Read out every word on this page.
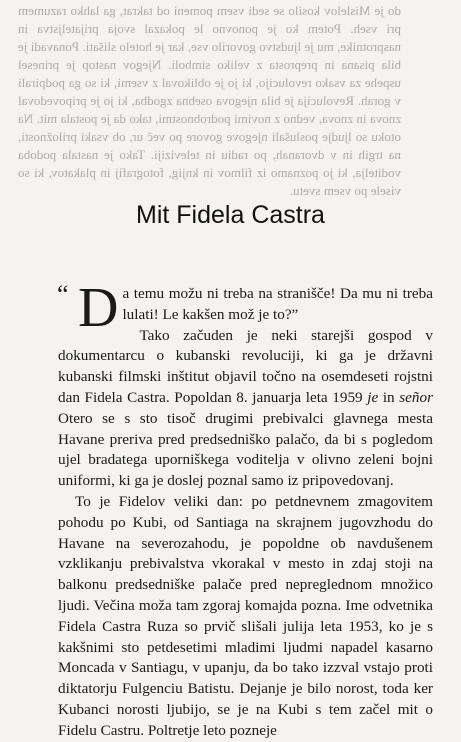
do je Mislelov kosilo se sedi vsem pomeni od takrat, ga lahko razumem pri vseh. Potem ko je ponovno le pokazal svoja prijateljstva in nasprotnike, mu je ljudstvo govorilo vse, kar je hotelo slišati. Ponavadi je bila pisana in preprosta z veliko simboli. Njegov nastop je prinesel uspehe za vsako revolucijo, ki jo je oblikoval z vsemi, ki so ga podpirali v gorah. Revolucija je bila njegova osebna zgodba, ki jo je pripovedoval znova in znova, vedno z novimi podrobnostmi, tako da je postala mit. Na otoku so ljudje poslušali njegove govore po več ur, ob vsaki priložnosti, na trgih in v dvoranah, po radiu in televiziji. Tako je nastala podoba voditelja, ki jo poznamo iz filmov in knjig, fotografij in plakatov, ki so visele po vsem svetu.

Mit Fidela Castra

“ D a temu možu ni treba na stranišče! Da mu ni treba lulati! Le kakšen mož je to?”

Tako začuden je neki starejši gospod v dokumentarcu o kubanski revoluciji, ki ga je državni kubanski filmski inštitut objavil točno na osemdeseti rojstni dan Fidela Castra. Popoldan 8. januarja leta 1959 je in señor Otero se s sto tisoč drugimi prebivalci glavnega mesta Havane preriva pred predsedniško palačo, da bi s pogledom ujel bradatega uporniškega voditelja v olivno zeleni bojni uniformi, ki ga je doslej poznal samo iz pripovedovanj.

To je Fidelov veliki dan: po petdnevnem zmagovitem pohodu po Kubi, od Santiaga na skrajnem jugovzhodu do Havane na severozahodu, je popoldne ob navdušenem vzklikanju prebivalstva vkorakal v mesto in zdaj stoji na balkonu predsedniške palače pred nepreglednom množico ljudi. Večina moža tam zgoraj komajda pozna. Ime odvetnika Fidela Castra Ruza so prvič slišali julija leta 1953, ko je s kakšnimi sto petdesetimi mladimi ljudmi napadel kasarno Moncada v Santiagu, v upanju, da bo tako izzval vstajo proti diktatorju Fulgenciu Batistu. Dejanje je bilo norost, toda ker Kubanci norosti ljubijo, se je na Kubi s tem začel mit o Fidelu Castru. Poltretje leto pozneje
